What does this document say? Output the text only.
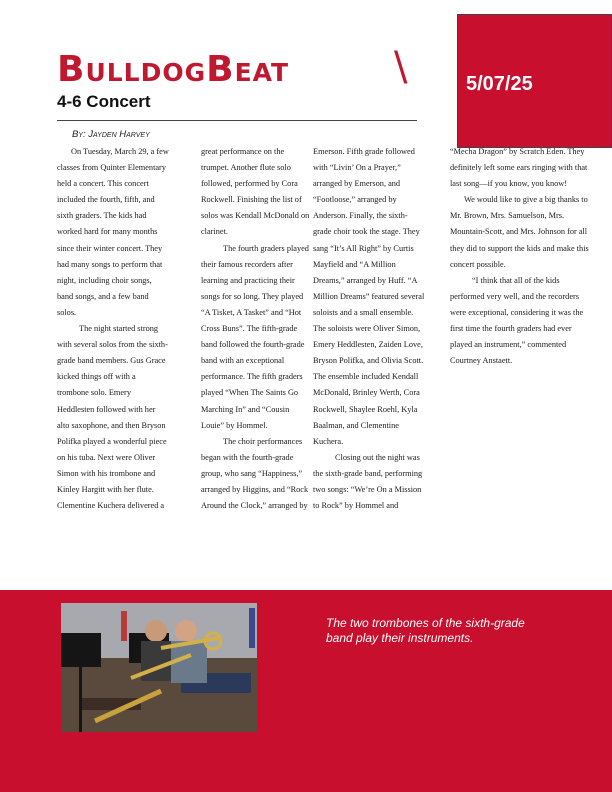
BulldogBeat	\
4-6 Concert
5/07/25
By: Jayden Harvey

On Tuesday, March 29, a few classes from Quinter Elementary held a concert. This concert included the fourth, fifth, and sixth graders. The kids had worked hard for many months since their winter concert. They had many songs to perform that night, including choir songs, band songs, and a few band solos.

The night started strong with several solos from the sixth-grade band members. Gus Grace kicked things off with a trombone solo. Emery Heddlesten followed with her alto saxophone, and then Bryson Polifka played a wonderful piece on his tuba. Next were Oliver Simon with his trombone and Kinley Hargitt with her flute. Clementine Kuchera delivered a

great performance on the trumpet. Another flute solo followed, performed by Cora Rockwell. Finishing the list of solos was Kendall McDonald on clarinet.

The fourth graders played their famous recorders after learning and practicing their songs for so long. They played “A Tisket, A Tasket” and “Hot Cross Buns”. The fifth-grade band followed the fourth-grade band with an exceptional performance. The fifth graders played “When The Saints Go Marching In” and “Cousin Louie” by Hommel.

The choir performances began with the fourth-grade group, who sang “Happiness,” arranged by Higgins, and “Rock Around the Clock,” arranged by

Emerson. Fifth grade followed with “Livin’ On a Prayer,” arranged by Emerson, and “Footloose,” arranged by Anderson. Finally, the sixth-grade choir took the stage. They sang “It’s All Right” by Curtis Mayfield and “A Million Dreams,” arranged by Huff. “A Million Dreams” featured several soloists and a small ensemble. The soloists were Oliver Simon, Emery Heddlesten, Zaiden Love, Bryson Polifka, and Olivia Scott. The ensemble included Kendall McDonald, Brinley Werth, Cora Rockwell, Shaylee Roehl, Kyla Baalman, and Clementine Kuchera.

Closing out the night was the sixth-grade band, performing two songs: “We’re On a Mission to Rock” by Hommel and

“Mecha Dragon” by Scratch Eden. They definitely left some ears ringing with that last song—if you know, you know!

We would like to give a big thanks to Mr. Brown, Mrs. Samuelson, Mrs. Mountain-Scott, and Mrs. Johnson for all they did to support the kids and make this concert possible.

“I think that all of the kids performed very well, and the recorders were exceptional, considering it was the first time the fourth graders had ever played an instrument,” commented Courtney Anstaett.

The two trombones of the sixth-grade band play their instruments.
